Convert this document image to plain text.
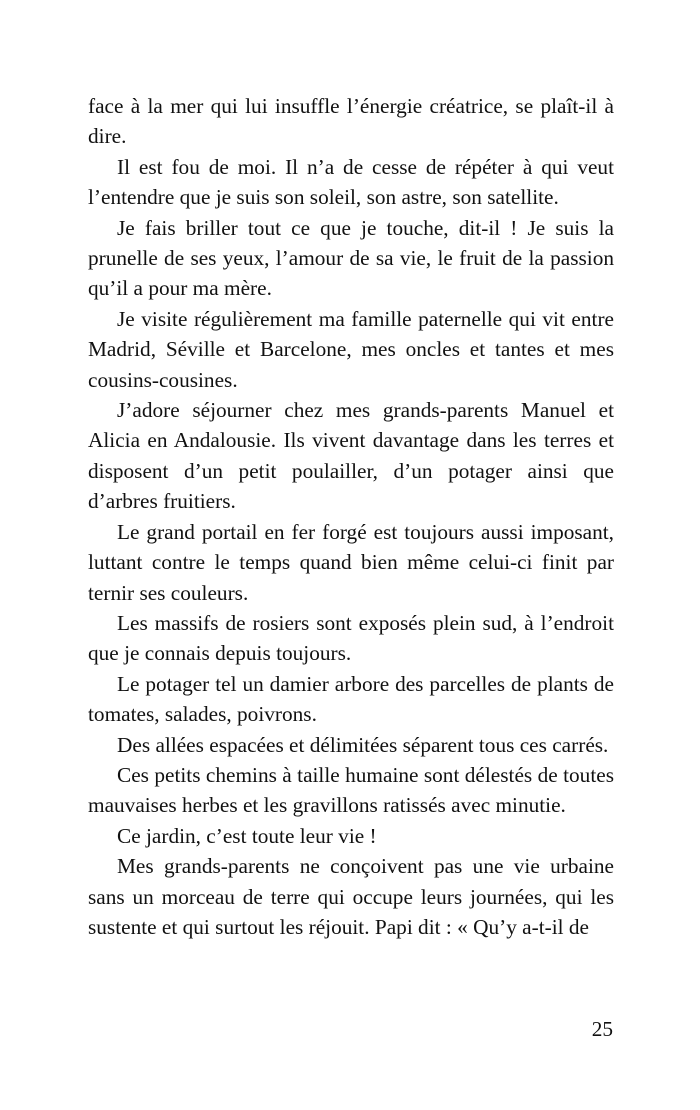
face à la mer qui lui insuffle l’énergie créatrice, se plaît-il à dire.

Il est fou de moi. Il n’a de cesse de répéter à qui veut l’entendre que je suis son soleil, son astre, son satellite.

Je fais briller tout ce que je touche, dit-il ! Je suis la prunelle de ses yeux, l’amour de sa vie, le fruit de la passion qu’il a pour ma mère.

Je visite régulièrement ma famille paternelle qui vit entre Madrid, Séville et Barcelone, mes oncles et tantes et mes cousins-cousines.

J’adore séjourner chez mes grands-parents Manuel et Alicia en Andalousie. Ils vivent davantage dans les terres et disposent d’un petit poulailler, d’un potager ainsi que d’arbres fruitiers.

Le grand portail en fer forgé est toujours aussi imposant, luttant contre le temps quand bien même celui-ci finit par ternir ses couleurs.

Les massifs de rosiers sont exposés plein sud, à l’endroit que je connais depuis toujours.

Le potager tel un damier arbore des parcelles de plants de tomates, salades, poivrons.

Des allées espacées et délimitées séparent tous ces carrés.

Ces petits chemins à taille humaine sont délestés de toutes mauvaises herbes et les gravillons ratissés avec minutie.

Ce jardin, c’est toute leur vie !

Mes grands-parents ne conçoivent pas une vie urbaine sans un morceau de terre qui occupe leurs journées, qui les sustente et qui surtout les réjouit. Papi dit : « Qu’y a-t-il de

25
